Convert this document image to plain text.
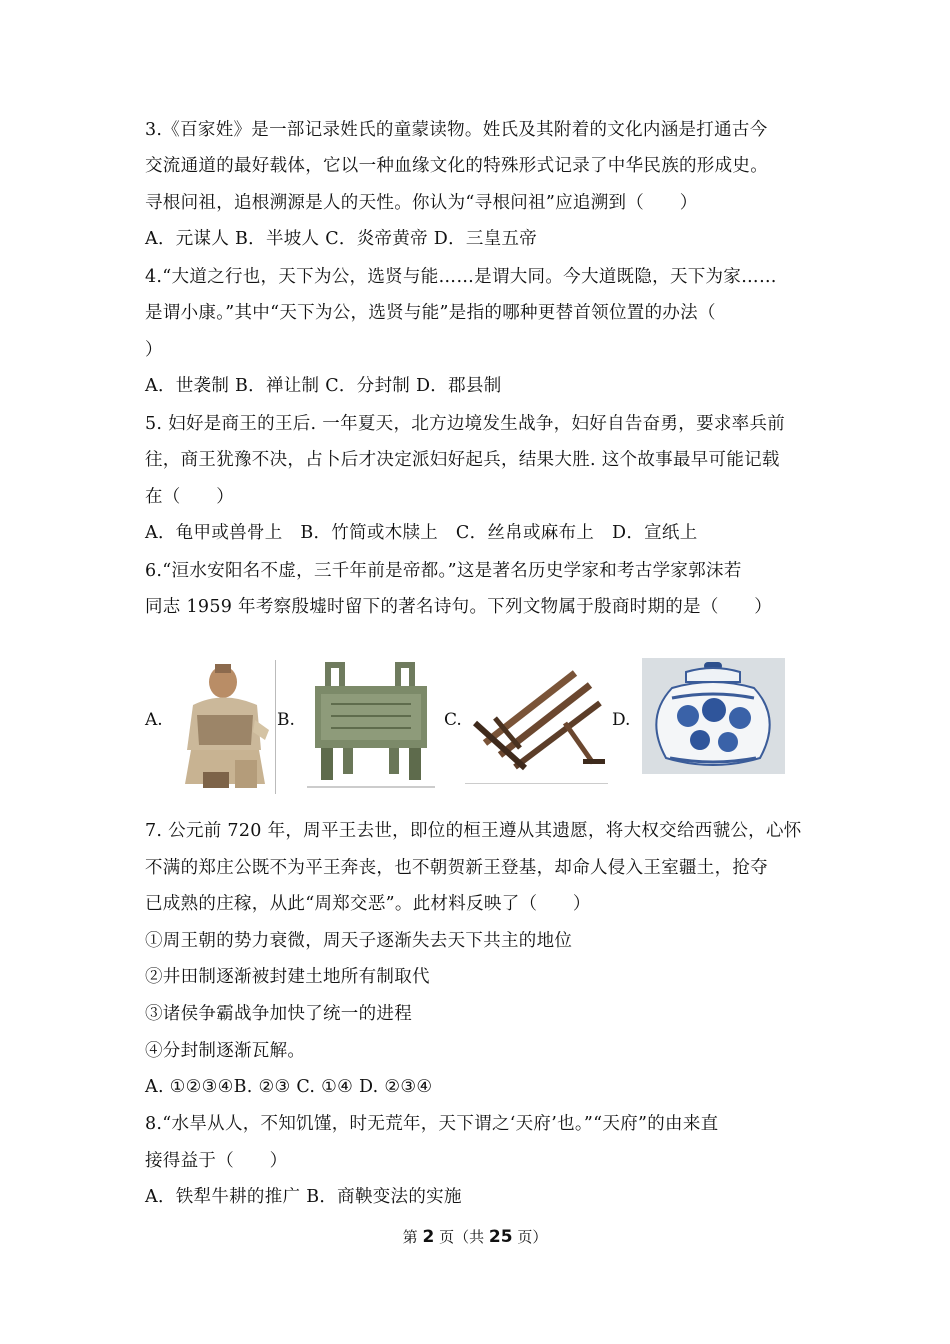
3.《百家姓》是一部记录姓氏的童蒙读物。姓氏及其附着的文化内涵是打通古今
交流通道的最好载体，它以一种血缘文化的特殊形式记录了中华民族的形成史。
寻根问祖，追根溯源是人的天性。你认为“寻根问祖”应追溯到（　　）
A．元谋人 B．半坡人 C．炎帝黄帝 D．三皇五帝
4.“大道之行也，天下为公，选贤与能……是谓大同。今大道既隐，天下为家……
是谓小康。”其中“天下为公，选贤与能”是指的哪种更替首领位置的办法（
）
A．世袭制 B．禅让制 C．分封制 D．郡县制
5. 妇好是商王的王后. 一年夏天，北方边境发生战争，妇好自告奋勇，要求率兵前
往，商王犹豫不决，占卜后才决定派妇好起兵，结果大胜. 这个故事最早可能记载
在（　　）
A．龟甲或兽骨上　B．竹简或木牍上　C．丝帛或麻布上　D．宣纸上
6.“洹水安阳名不虚，三千年前是帝都。”这是著名历史学家和考古学家郭沫若
同志 1959 年考察殷墟时留下的著名诗句。下列文物属于殷商时期的是（　　）
A.	B.	C.	D.
7. 公元前 720 年，周平王去世，即位的桓王遵从其遗愿，将大权交给西虢公，心怀
不满的郑庄公既不为平王奔丧，也不朝贺新王登基，却命人侵入王室疆土，抢夺
已成熟的庄稼，从此“周郑交恶”。此材料反映了（　　）
①周王朝的势力衰微，周天子逐渐失去天下共主的地位
②井田制逐渐被封建土地所有制取代
③诸侯争霸战争加快了统一的进程
④分封制逐渐瓦解。
A. ①②③④B. ②③ C. ①④ D. ②③④
8.“水旱从人，不知饥馑，时无荒年，天下谓之‘天府’也。”“天府”的由来直
接得益于（　　）
A．铁犁牛耕的推广 B．商鞅变法的实施
第 2 页（共 25 页）
